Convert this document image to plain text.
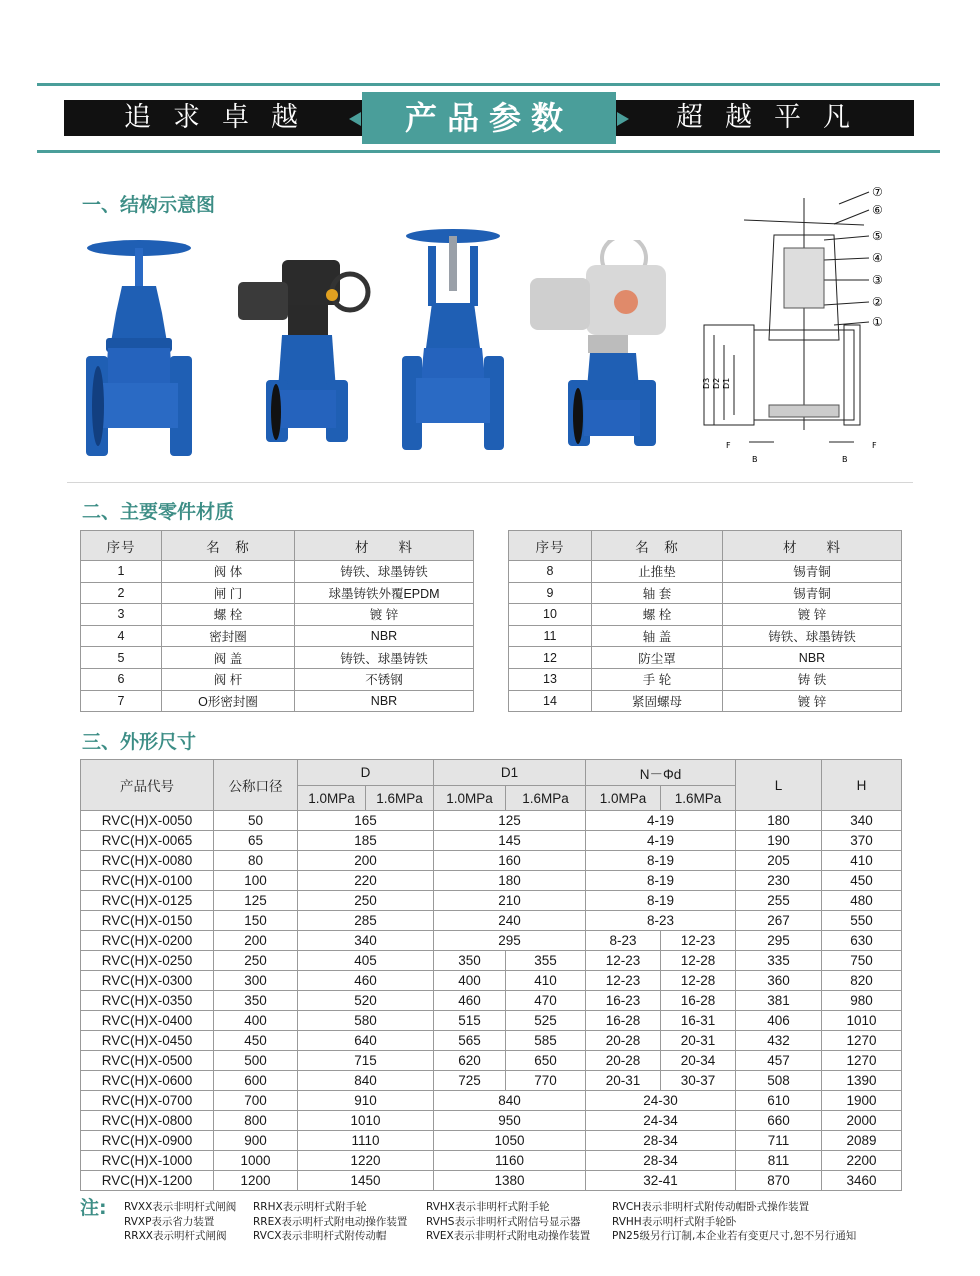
追求卓越	超越平凡
产品参数
一、结构示意图
⑦
⑥
⑤
④
③
②
①
D3 D2 D1
F	F
B	B
二、主要零件材质
序号	名　称	材　　料
1	阀 体	铸铁、球墨铸铁
2	闸 门	球墨铸铁外覆EPDM
3	螺 栓	镀 锌
4	密封圈	NBR
5	阀 盖	铸铁、球墨铸铁
6	阀 杆	不锈钢
7	O形密封圈	NBR
序号	名　称	材　　料
8	止推垫	锡青铜
9	轴 套	锡青铜
10	螺 栓	镀 锌
11	轴 盖	铸铁、球墨铸铁
12	防尘罩	NBR
13	手 轮	铸 铁
14	紧固螺母	镀 锌
三、外形尺寸
产品代号	公称口径	D		D1		N－Φd		L	H
		1.0MPa	1.6MPa	1.0MPa	1.6MPa	1.0MPa	1.6MPa		
RVC(H)X-0050	50	165		125		4-19		180	340
RVC(H)X-0065	65	185		145		4-19		190	370
RVC(H)X-0080	80	200		160		8-19		205	410
RVC(H)X-0100	100	220		180		8-19		230	450
RVC(H)X-0125	125	250		210		8-19		255	480
RVC(H)X-0150	150	285		240		8-23		267	550
RVC(H)X-0200	200	340		295		8-23	12-23	295	630
RVC(H)X-0250	250	405		350	355	12-23	12-28	335	750
RVC(H)X-0300	300	460		400	410	12-23	12-28	360	820
RVC(H)X-0350	350	520		460	470	16-23	16-28	381	980
RVC(H)X-0400	400	580		515	525	16-28	16-31	406	1010
RVC(H)X-0450	450	640		565	585	20-28	20-31	432	1270
RVC(H)X-0500	500	715		620	650	20-28	20-34	457	1270
RVC(H)X-0600	600	840		725	770	20-31	30-37	508	1390
RVC(H)X-0700	700	910		840		24-30		610	1900
RVC(H)X-0800	800	1010		950		24-34		660	2000
RVC(H)X-0900	900	1110		1050		28-34		711	2089
RVC(H)X-1000	1000	1220		1160		28-34		811	2200
RVC(H)X-1200	1200	1450		1380		32-41		870	3460
注: RVXX表示非明杆式闸阀
RVXP表示省力装置
RRXX表示明杆式闸阀
RRHX表示明杆式附手轮
RREX表示明杆式附电动操作装置
RVCX表示非明杆式附传动帽
RVHX表示非明杆式附手轮
RVHS表示非明杆式附信号显示器
RVEX表示非明杆式附电动操作装置
RVCH表示非明杆式附传动帽卧式操作装置
RVHH表示明杆式附手轮卧
PN25级另行订制,本企业若有变更尺寸,恕不另行通知
